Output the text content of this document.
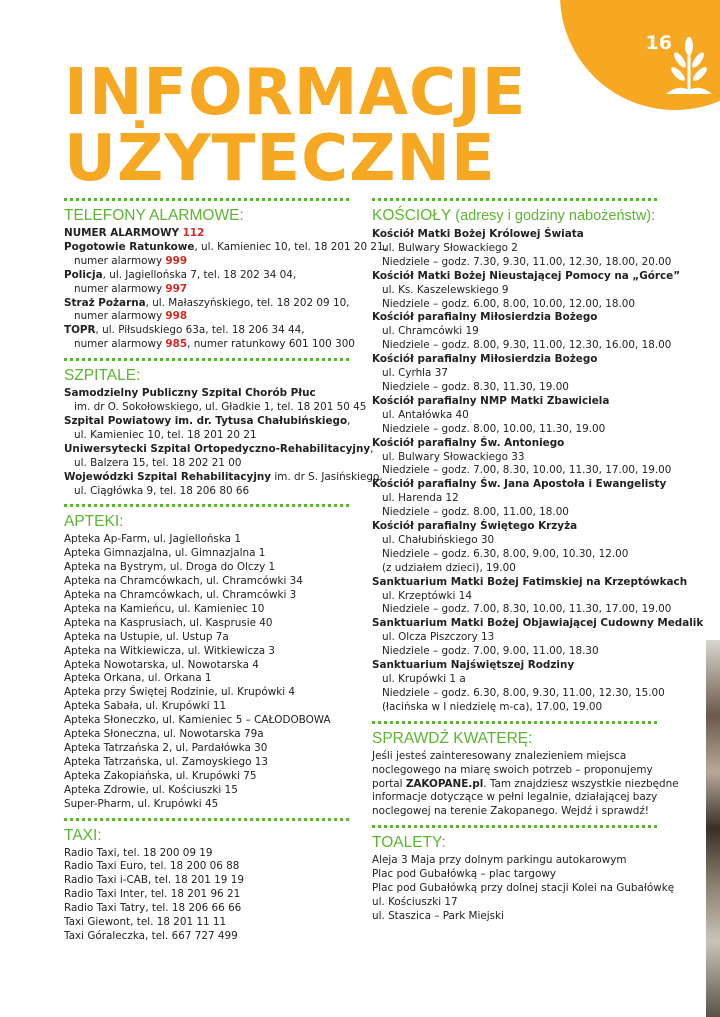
16
INFORMACJE
UŻYTECZNE
TELEFONY ALARMOWE:
NUMER ALARMOWY 112
Pogotowie Ratunkowe, ul. Kamieniec 10, tel. 18 201 20 21,
numer alarmowy 999
Policja, ul. Jagiellońska 7, tel. 18 202 34 04,
numer alarmowy 997
Straż Pożarna, ul. Małaszyńskiego, tel. 18 202 09 10,
numer alarmowy 998
TOPR, ul. Piłsudskiego 63a, tel. 18 206 34 44,
numer alarmowy 985, numer ratunkowy 601 100 300
SZPITALE:
Samodzielny Publiczny Szpital Chorób Płuc
im. dr O. Sokołowskiego, ul. Gładkie 1, tel. 18 201 50 45
Szpital Powiatowy im. dr. Tytusa Chałubińskiego,
ul. Kamieniec 10, tel. 18 201 20 21
Uniwersytecki Szpital Ortopedyczno-Rehabilitacyjny,
ul. Balzera 15, tel. 18 202 21 00
Wojewódzki Szpital Rehabilitacyjny im. dr S. Jasińskiego,
ul. Ciągłówka 9, tel. 18 206 80 66
APTEKI:
Apteka Ap-Farm, ul. Jagiellońska 1
Apteka Gimnazjalna, ul. Gimnazjalna 1
Apteka na Bystrym, ul. Droga do Olczy 1
Apteka na Chramcówkach, ul. Chramcówki 34
Apteka na Chramcówkach, ul. Chramcówki 3
Apteka na Kamieńcu, ul. Kamieniec 10
Apteka na Kasprusiach, ul. Kasprusie 40
Apteka na Ustupie, ul. Ustup 7a
Apteka na Witkiewicza, ul. Witkiewicza 3
Apteka Nowotarska, ul. Nowotarska 4
Apteka Orkana, ul. Orkana 1
Apteka przy Świętej Rodzinie, ul. Krupówki 4
Apteka Sabała, ul. Krupówki 11
Apteka Słoneczko, ul. Kamieniec 5 – CAŁODOBOWA
Apteka Słoneczna, ul. Nowotarska 79a
Apteka Tatrzańska 2, ul. Pardałówka 30
Apteka Tatrzańska, ul. Zamoyskiego 13
Apteka Zakopiańska, ul. Krupówki 75
Apteka Zdrowie, ul. Kościuszki 15
Super-Pharm, ul. Krupówki 45
TAXI:
Radio Taxi, tel. 18 200 09 19
Radio Taxi Euro, tel. 18 200 06 88
Radio Taxi i-CAB, tel. 18 201 19 19
Radio Taxi Inter, tel. 18 201 96 21
Radio Taxi Tatry, tel. 18 206 66 66
Taxi Giewont, tel. 18 201 11 11
Taxi Góraleczka, tel. 667 727 499
KOŚCIOŁY (adresy i godziny nabożeństw):
Kościół Matki Bożej Królowej Świata
ul. Bulwary Słowackiego 2
Niedziele – godz. 7.30, 9.30, 11.00, 12.30, 18.00, 20.00
Kościół Matki Bożej Nieustającej Pomocy na „Górce”
ul. Ks. Kaszelewskiego 9
Niedziele – godz. 6.00, 8.00, 10.00, 12.00, 18.00
Kościół parafialny Miłosierdzia Bożego
ul. Chramcówki 19
Niedziele – godz. 8.00, 9.30, 11.00, 12.30, 16.00, 18.00
Kościół parafialny Miłosierdzia Bożego
ul. Cyrhla 37
Niedziele – godz. 8.30, 11.30, 19.00
Kościół parafialny NMP Matki Zbawiciela
ul. Antałówka 40
Niedziele – godz. 8.00, 10.00, 11.30, 19.00
Kościół parafialny Św. Antoniego
ul. Bulwary Słowackiego 33
Niedziele – godz. 7.00, 8.30, 10.00, 11.30, 17.00, 19.00
Kościół parafialny Św. Jana Apostoła i Ewangelisty
ul. Harenda 12
Niedziele – godz. 8.00, 11.00, 18.00
Kościół parafialny Świętego Krzyża
ul. Chałubińskiego 30
Niedziele – godz. 6.30, 8.00, 9.00, 10.30, 12.00
(z udziałem dzieci), 19.00
Sanktuarium Matki Bożej Fatimskiej na Krzeptówkach
ul. Krzeptówki 14
Niedziele – godz. 7.00, 8.30, 10.00, 11.30, 17.00, 19.00
Sanktuarium Matki Bożej Objawiającej Cudowny Medalik
ul. Olcza Piszczory 13
Niedziele – godz. 7.00, 9.00, 11.00, 18.30
Sanktuarium Najświętszej Rodziny
ul. Krupówki 1 a
Niedziele – godz. 6.30, 8.00, 9.30, 11.00, 12.30, 15.00
(łacińska w I niedzielę m-ca), 17.00, 19.00
SPRAWDŹ KWATERĘ:
Jeśli jesteś zainteresowany znalezieniem miejsca
noclegowego na miarę swoich potrzeb – proponujemy
portal ZAKOPANE.pl. Tam znajdziesz wszystkie niezbędne
informacje dotyczące w pełni legalnie, działającej bazy
noclegowej na terenie Zakopanego. Wejdź i sprawdź!
TOALETY:
Aleja 3 Maja przy dolnym parkingu autokarowym
Plac pod Gubałówką – plac targowy
Plac pod Gubałówką przy dolnej stacji Kolei na Gubałówkę
ul. Kościuszki 17
ul. Staszica – Park Miejski
